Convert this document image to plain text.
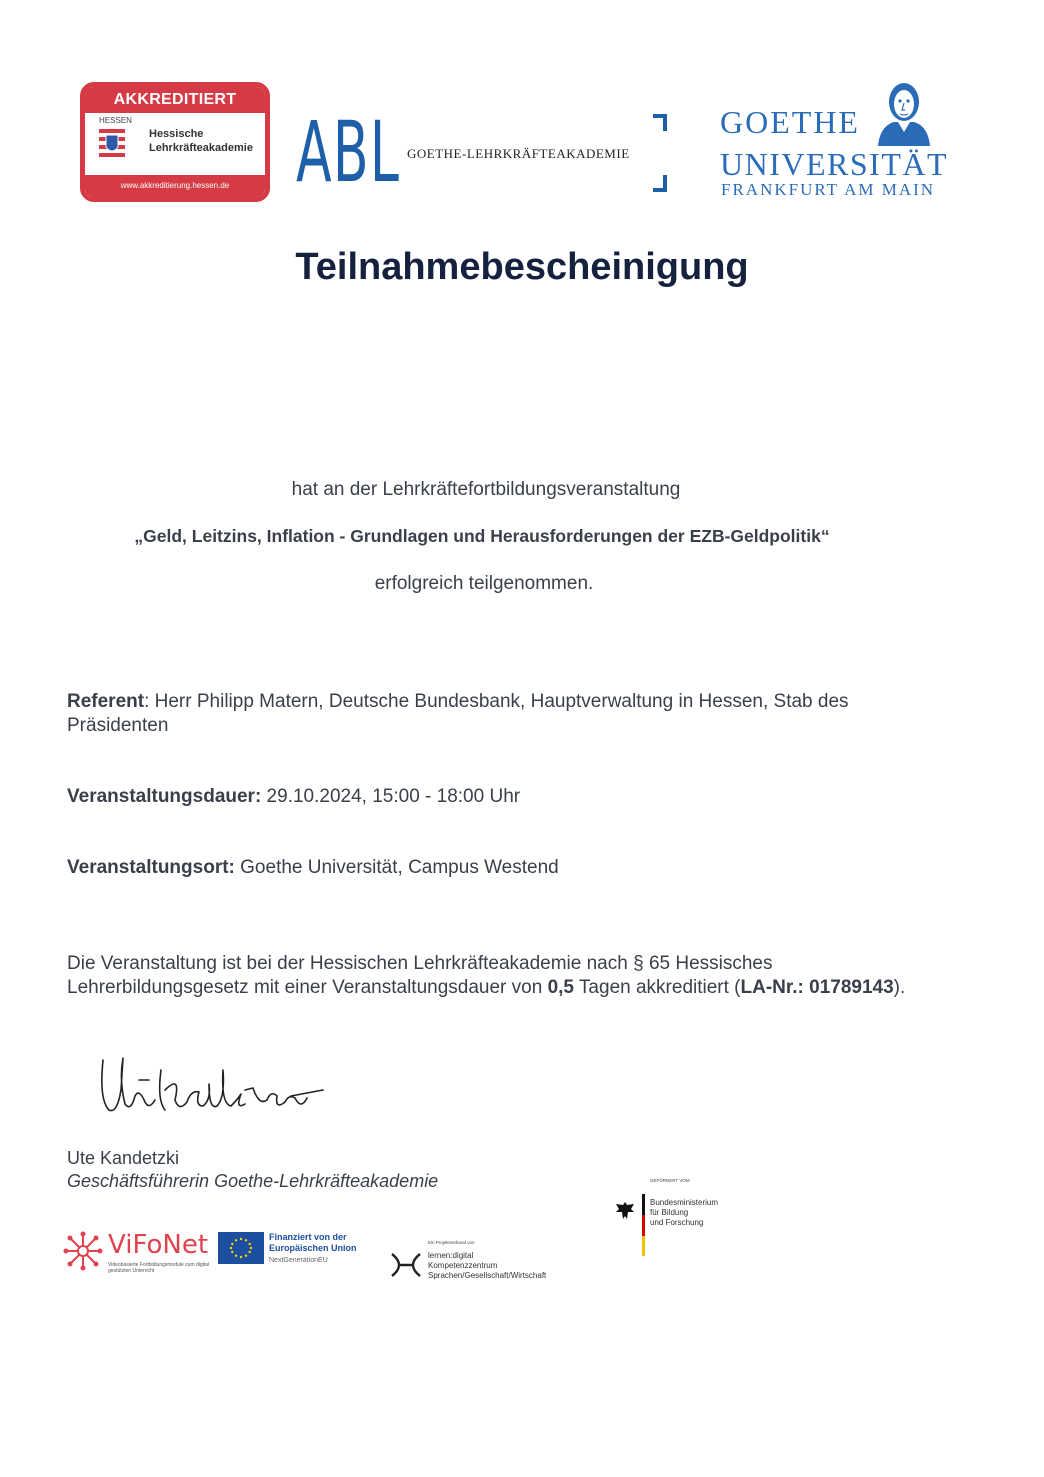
AKKREDITIERT
HESSEN
Hessische Lehrkräfteakademie
www.akkreditierung.hessen.de ABL GOETHE-LEHRKRÄFTEAKADEMIE
GOETHE
UNIVERSITÄT
FRANKFURT AM MAIN
Teilnahmebescheinigung
hat an der Lehrkräftefortbildungsveranstaltung
„Geld, Leitzins, Inflation - Grundlagen und Herausforderungen der EZB-Geldpolitik“
erfolgreich teilgenommen.
Referent: Herr Philipp Matern, Deutsche Bundesbank, Hauptverwaltung in Hessen, Stab des Präsidenten
Veranstaltungsdauer: 29.10.2024, 15:00 - 18:00 Uhr
Veranstaltungsort: Goethe Universität, Campus Westend
Die Veranstaltung ist bei der Hessischen Lehrkräfteakademie nach § 65 Hessisches Lehrerbildungsgesetz mit einer Veranstaltungsdauer von 0,5 Tagen akkreditiert (LA-Nr.: 01789143).
Ute Kandetzki
Geschäftsführerin Goethe-Lehrkräfteakademie
ViFoNet
Videobasierte Fortbildungsmodule zum digital gestützten Unterricht
Finanziert von der
Europäischen Union
NextGenerationEU
Ein Projektverbund von
lernen:digital
Kompetenzzentrum
Sprachen/Gesellschaft/Wirtschaft
GEFÖRDERT VOM
Bundesministerium
für Bildung
und Forschung
